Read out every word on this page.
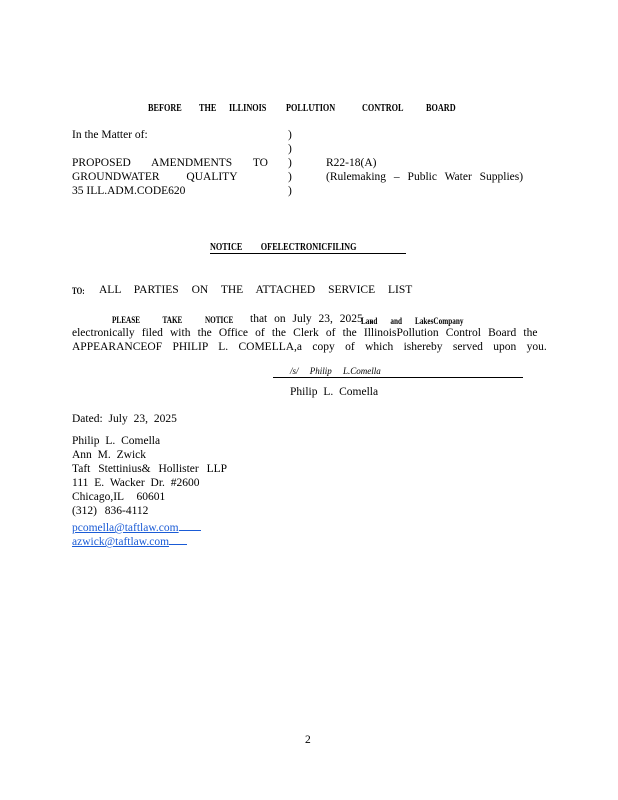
BEFORE THE ILLINOIS POLLUTION	CONTROL BOARD
In the Matter of:
PROPOSED AMENDMENTS TO
GROUNDWATER QUALITY
35 ILL.ADM.CODE620
)
)
)
)
)
R22-18(A)
(Rulemaking – Public Water Supplies)
NOTICE OFELECTRONICFILING
TO: ALL PARTIES ON THE ATTACHED SERVICE LIST
PLEASE TAKE NOTICE that on July 23, 2025 ,
Land and LakesCompany
electronically filed with the Office of the Clerk of the IllinoisPollution Control Board the
APPEARANCEOF PHILIP L. COMELLA,a copy of which ishereby served upon you.
/s/ Philip L.Comella
Philip L. Comella
Dated: July 23, 2025
Philip L. Comella
Ann M. Zwick
Taft Stettinius& Hollister LLP
111 E. Wacker Dr. #2600
Chicago,IL 60601
(312) 836-4112
pcomella@taftlaw.com
azwick@taftlaw.com
2
